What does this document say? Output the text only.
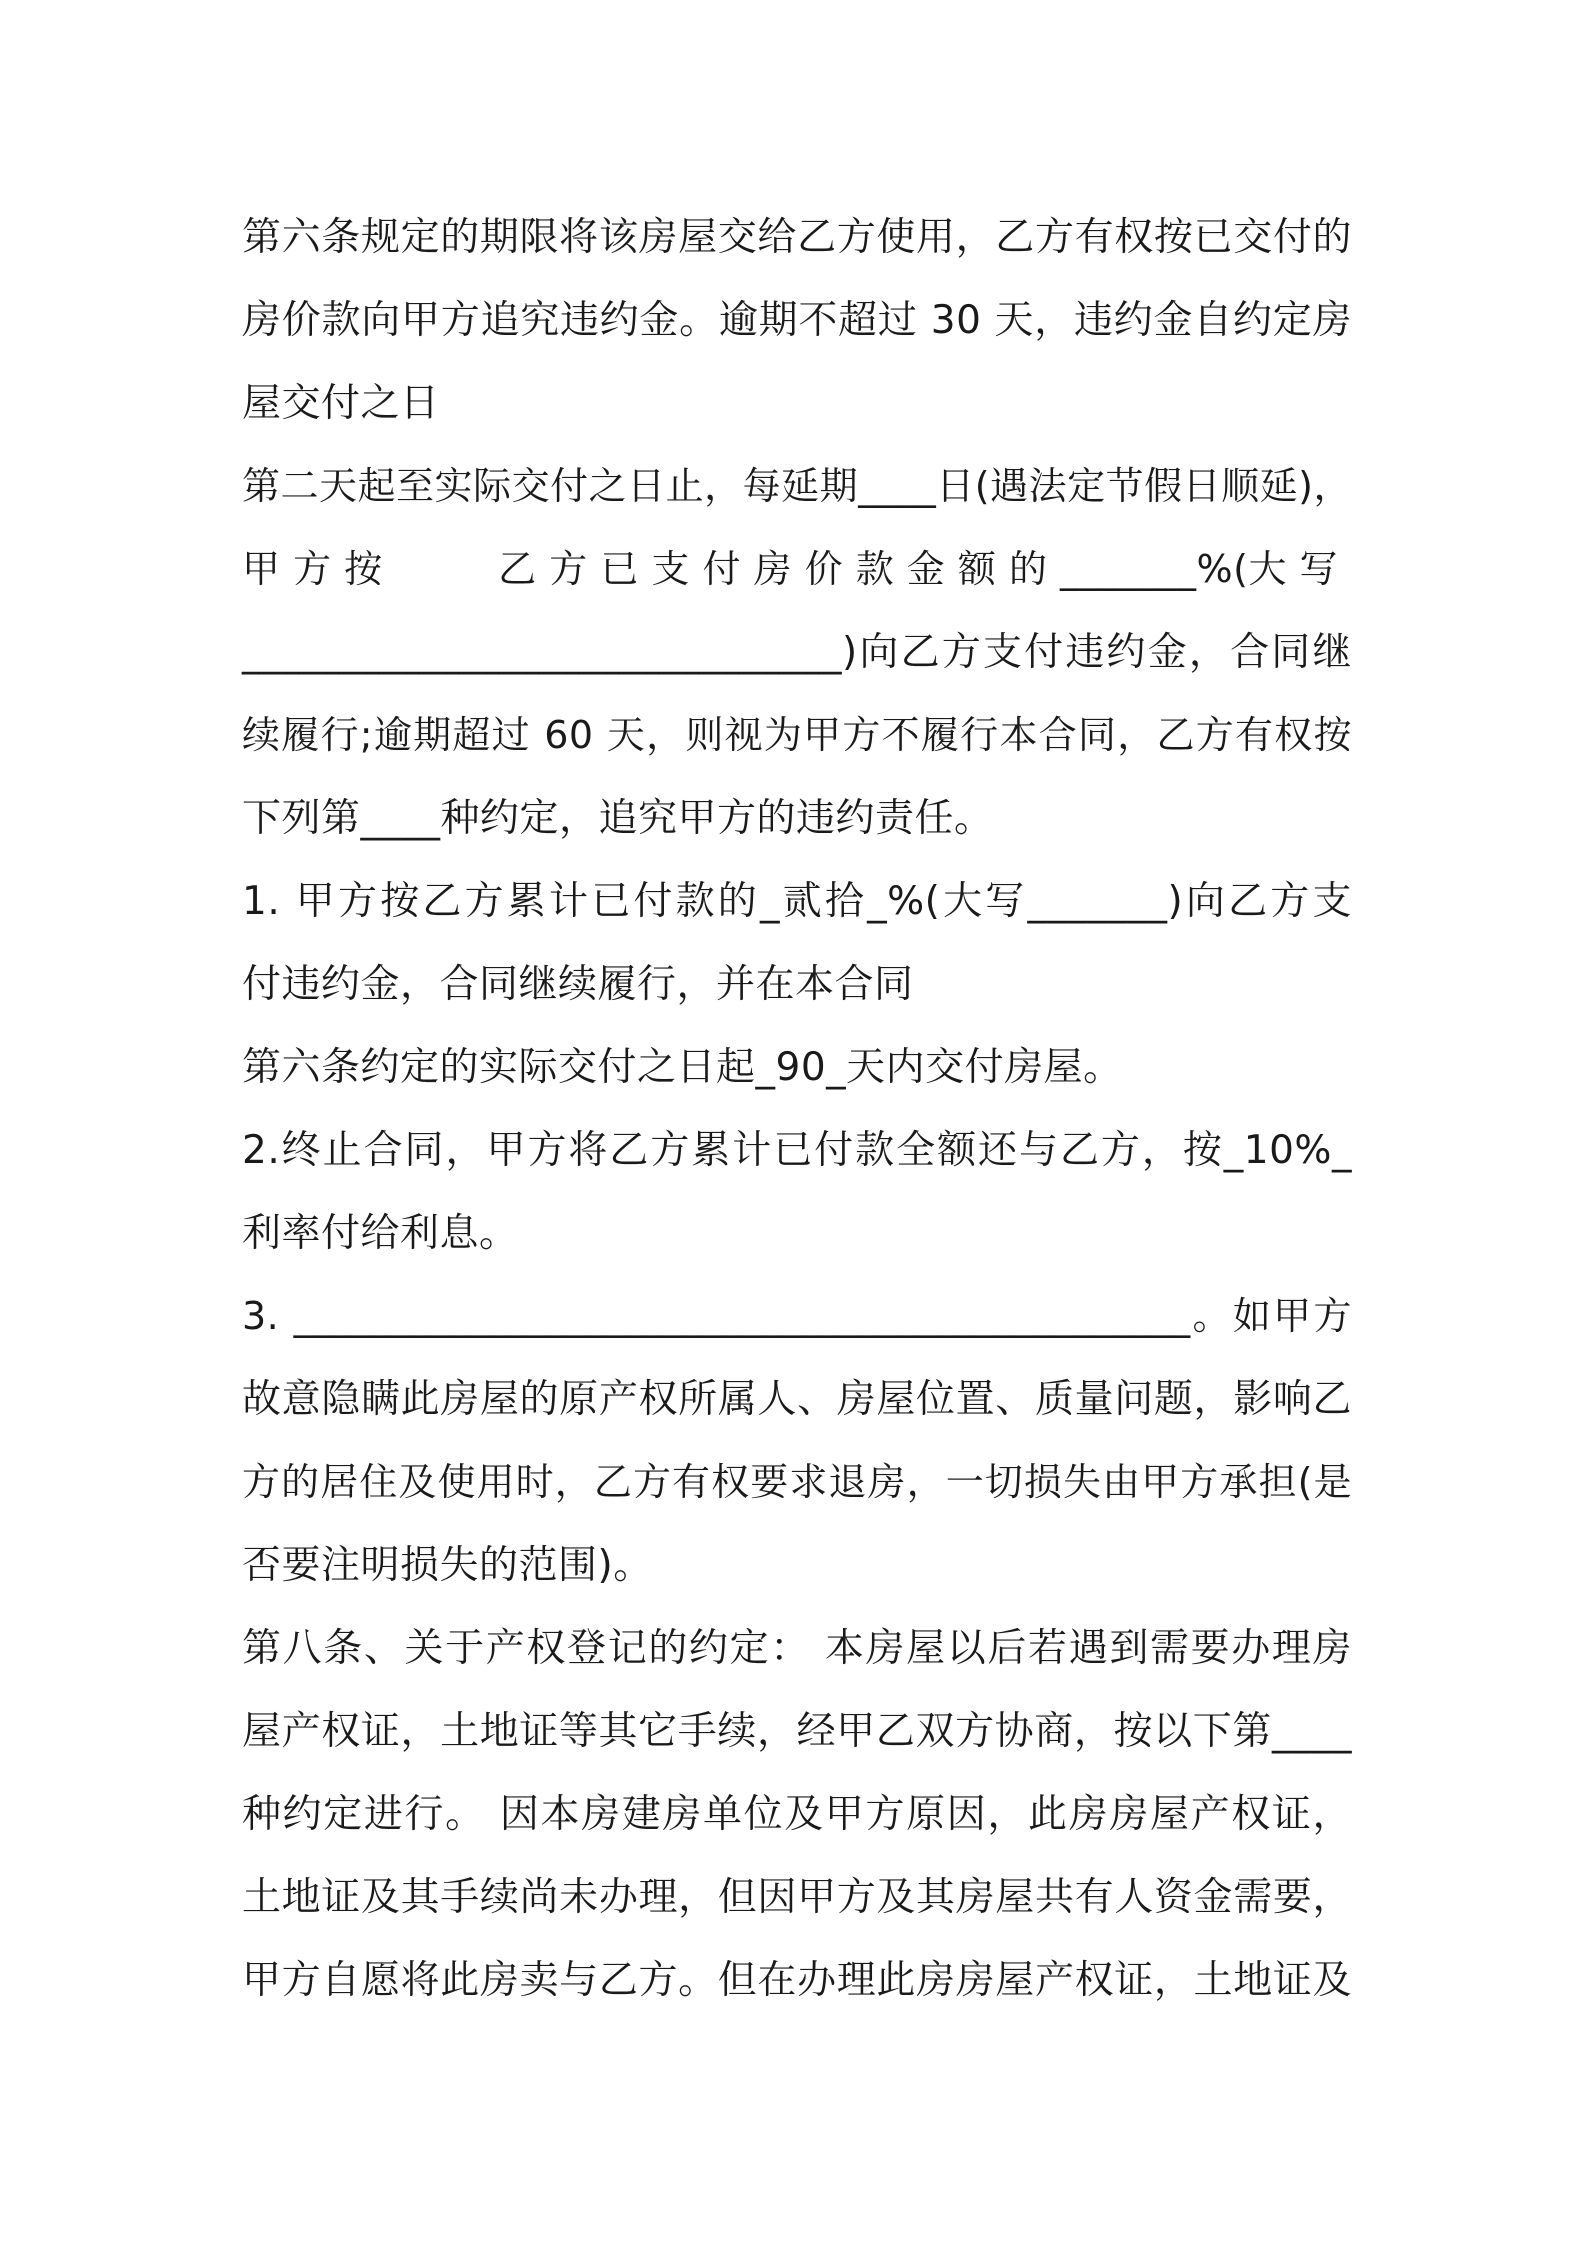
第六条规定的期限将该房屋交给乙方使用，乙方有权按已交付的
房价款向甲方追究违约金。逾期不超过 30 天，违约金自约定房
屋交付之日
第二天起至实际交付之日止，每延期____日(遇法定节假日顺延)，
甲 方 按　　　乙 方 已 支 付 房 价 款 金 额 的 _______%(大 写
______________________________)向乙方支付违约金，合同继
续履行;逾期超过 60 天，则视为甲方不履行本合同，乙方有权按
下列第____种约定，追究甲方的违约责任。
1. 甲方按乙方累计已付款的_贰拾_%(大写_______)向乙方支
付违约金，合同继续履行，并在本合同
第六条约定的实际交付之日起_90_天内交付房屋。
2.终止合同，甲方将乙方累计已付款全额还与乙方，按_10%_
利率付给利息。
3. ______________________________________________。如甲方
故意隐瞒此房屋的原产权所属人、房屋位置、质量问题，影响乙
方的居住及使用时，乙方有权要求退房，一切损失由甲方承担(是
否要注明损失的范围)。
第八条、关于产权登记的约定： 本房屋以后若遇到需要办理房
屋产权证，土地证等其它手续，经甲乙双方协商，按以下第____
种约定进行。 因本房建房单位及甲方原因，此房房屋产权证，
土地证及其手续尚未办理，但因甲方及其房屋共有人资金需要，
甲方自愿将此房卖与乙方。但在办理此房房屋产权证，土地证及
